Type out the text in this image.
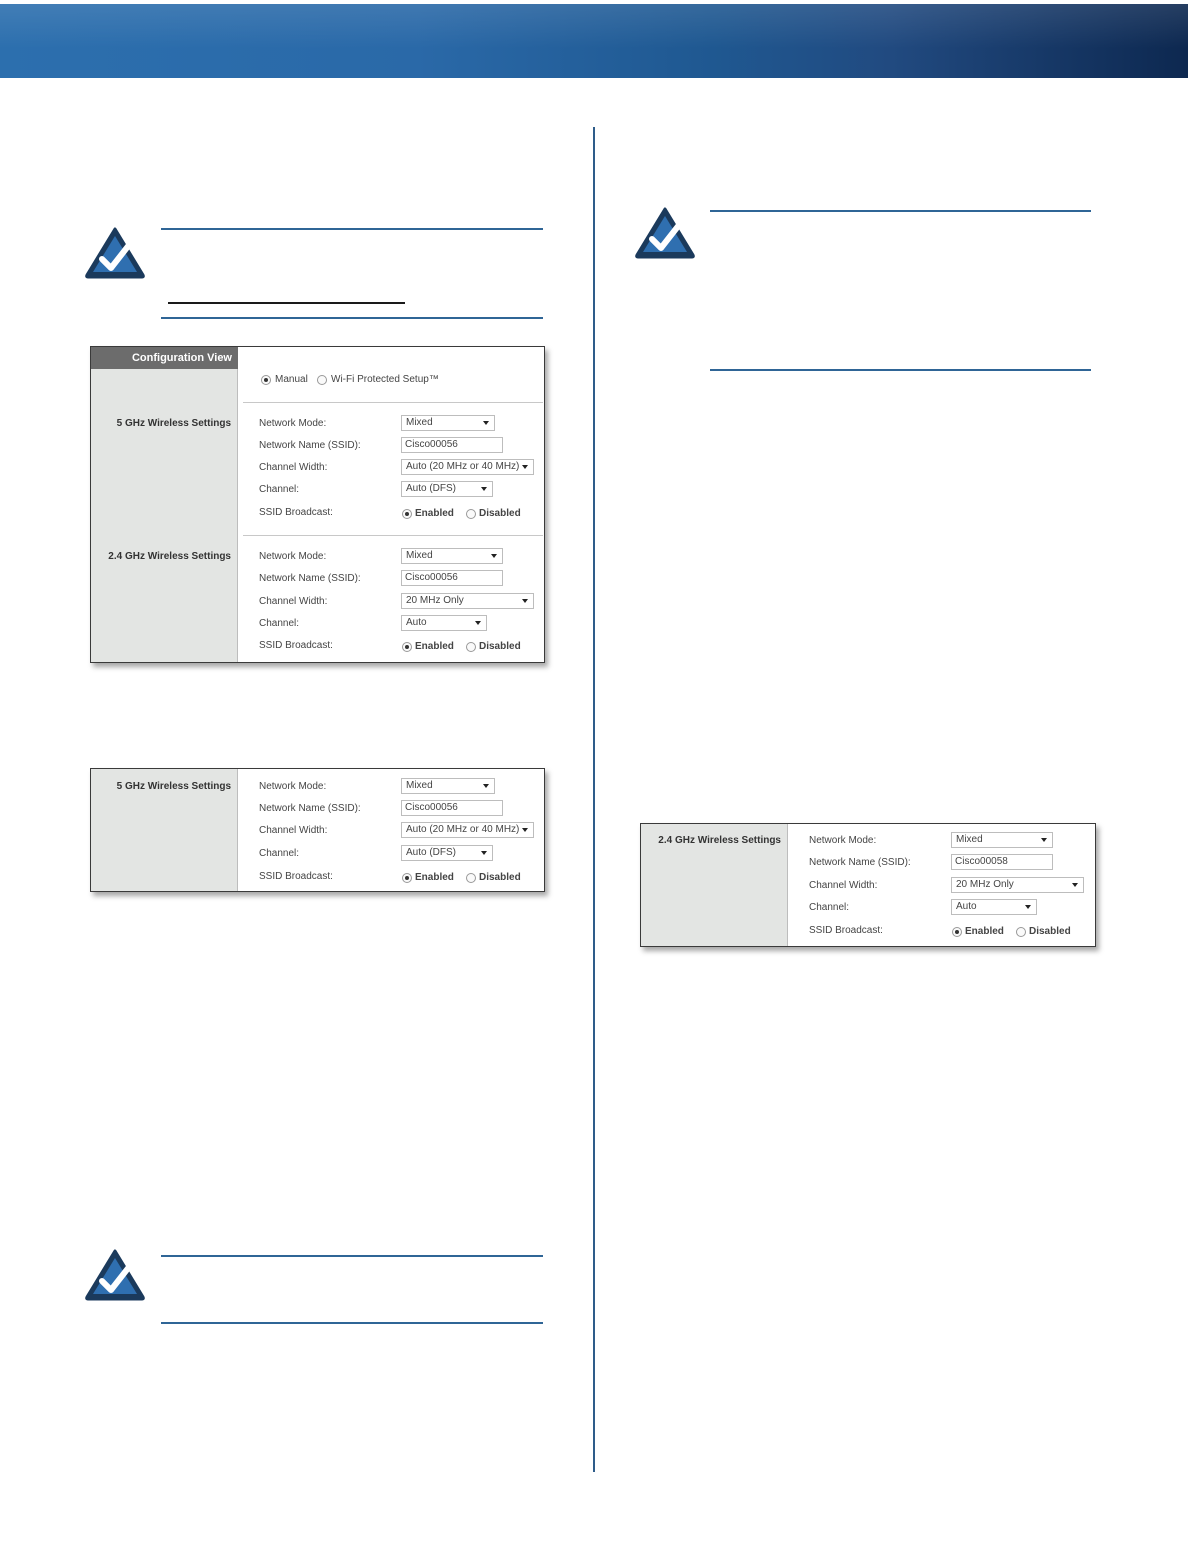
Configuration View
Manual Wi-Fi Protected Setup™
5 GHz Wireless Settings	Network Mode:	Mixed
Network Name (SSID):	Cisco00056
Channel Width:	Auto (20 MHz or 40 MHz)
Channel:	Auto (DFS)
SSID Broadcast:	Enabled	Disabled
2.4 GHz Wireless Settings	Network Mode:	Mixed
Network Name (SSID):	Cisco00056
Channel Width:	20 MHz Only
Channel:	Auto
SSID Broadcast:	Enabled	Disabled
5 GHz Wireless Settings	Network Mode:	Mixed
Network Name (SSID):	Cisco00056
Channel Width:	Auto (20 MHz or 40 MHz)
Channel:	Auto (DFS)
SSID Broadcast:	Enabled	Disabled
2.4 GHz Wireless Settings	Network Mode:	Mixed
Network Name (SSID):	Cisco00058
Channel Width:	20 MHz Only
Channel:	Auto
SSID Broadcast:	Enabled	Disabled
